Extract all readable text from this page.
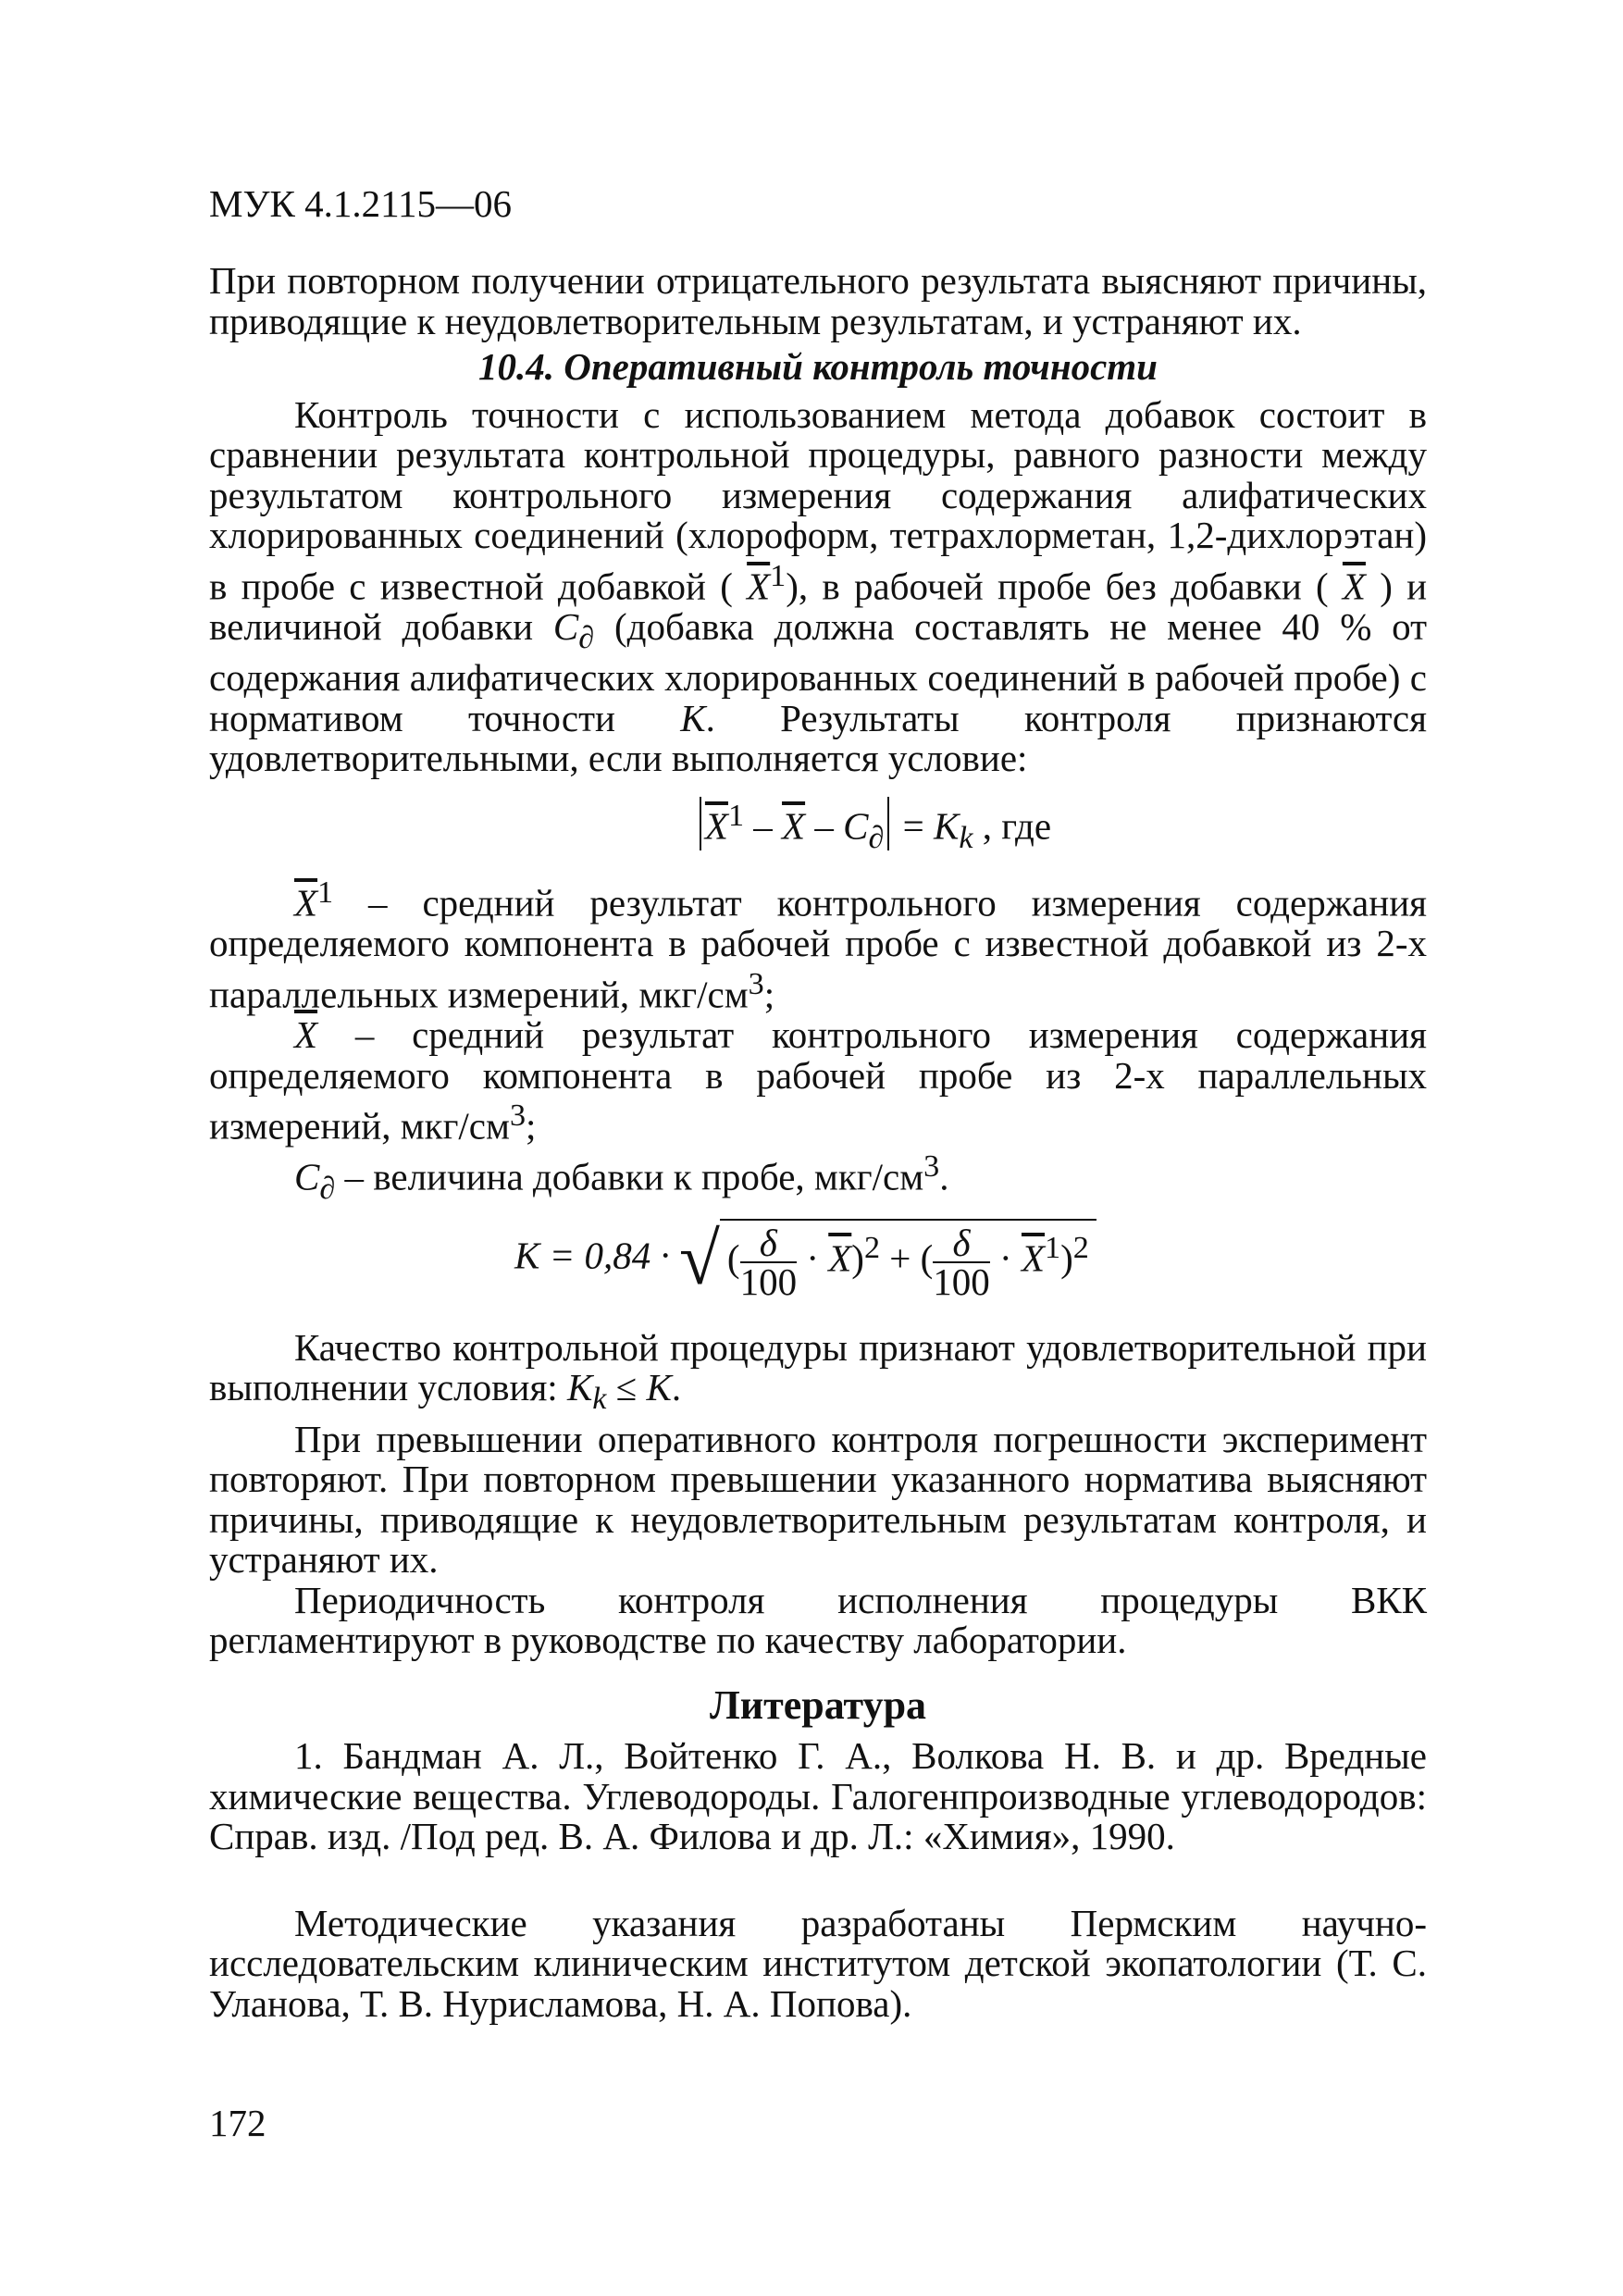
МУК 4.1.2115—06

При повторном получении отрицательного результата выясняют причины, приводящие к неудовлетворительным результатам, и устраняют их.

10.4. Оперативный контроль точности

Контроль точности с использованием метода добавок состоит в сравнении результата контрольной процедуры, равного разности между результатом контрольного измерения содержания алифатических хлорированных соединений (хлороформ, тетрахлорметан, 1,2-дихлорэтан) в пробе с известной добавкой ( $\overline{X}^1$), в рабочей пробе без добавки ( $\overline{X}$ ) и величиной добавки $C_\partial$ (добавка должна составлять не менее 40 % от содержания алифатических хлорированных соединений в рабочей пробе) с нормативом точности K. Результаты контроля признаются удовлетворительными, если выполняется условие:

$\overline{X}^1 - \overline{X} - C_\partial = K_k$ , где

$\overline{X}^1$ – средний результат контрольного измерения содержания определяемого компонента в рабочей пробе с известной добавкой из 2-х параллельных измерений, мкг/$см^3$;

$\overline{X}$ – средний результат контрольного измерения содержания определяемого компонента в рабочей пробе из 2-х параллельных измерений, мкг/$см^3$;

$C_\partial$ – величина добавки к пробе, мкг/$см^3$.

K = 0,84 · √ ( $\frac{\delta}{100} \cdot \overline{X})^2$ + ( $\frac{\delta}{100} \cdot \overline{X}^1)^2$

Качество контрольной процедуры признают удовлетворительной при выполнении условия: $K_k \le K$.

При превышении оперативного контроля погрешности эксперимент повторяют. При повторном превышении указанного норматива выясняют причины, приводящие к неудовлетворительным результатам контроля, и устраняют их.

Периодичность контроля исполнения процедуры ВКК регламентируют в руководстве по качеству лаборатории.

Литература

1. Бандман А. Л., Войтенко Г. А., Волкова Н. В. и др. Вредные химические вещества. Углеводороды. Галогенпроизводные углеводородов: Справ. изд. /Под ред. В. А. Филова и др. Л.: «Химия», 1990.

Методические указания разработаны Пермским научно-исследовательским клиническим институтом детской экопатологии (Т. С. Уланова, Т. В. Нурисламова, Н. А. Попова).

172
